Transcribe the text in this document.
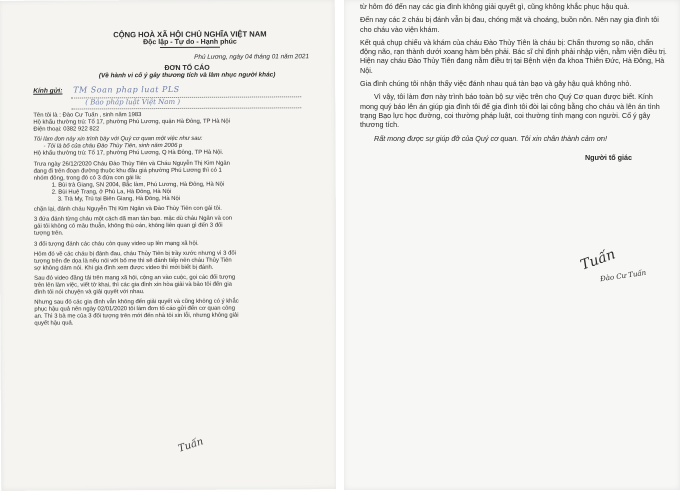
CỘNG HOÀ XÃ HỘI CHỦ NGHĨA VIỆT NAM
Độc lập - Tự do - Hạnh phúc
Phú Lương, ngày 04 tháng 01 năm 2021
ĐƠN TỐ CÁO
(Về hành vi cố ý gây thương tích và làm nhục người khác)
Kính gửi: TM Soan phap luat PLS
( Báo pháp luật Việt Nam )
Tên tôi là : Đào Cư Tuấn , sinh năm 1983
Hộ khẩu thường trú: Tổ 17, phường Phú Lương, quận Hà Đông, TP Hà Nội
Điện thoại: 0382 922 822
Tôi làm đơn này xin trình bày với Quý cơ quan một việc như sau:
- Tôi là bố của cháu Đào Thùy Tiên, sinh năm 2006 p
Hộ khẩu thường trú: Tổ 17, phường Phú Lương, Q Hà Đông, TP Hà Nội.
Trưa ngày 26/12/2020 Cháu Đào Thùy Tiên và Cháu Nguyễn Thị Kim Ngân
đang đi trên đoạn đường thuộc khu đầu giá phường Phú Lương thì có 1
nhóm đông, trong đó có 3 đứa con gái là:
1. Bùi trà Giang, SN 2004, Bắc làm, Phú Lương, Hà Đông, Hà Nội
2. Bùi Huệ Trang, ở Phú La, Hà Đông, Hà Nội
3. Trà My, Trú tại Biên Giang, Hà Đông, Hà Nội
chặn lại, đánh cháu Nguyễn Thị Kim Ngân và Đào Thùy Tiên con gái tôi.
3 đứa đánh từng cháu một cách dã man tàn bạo. mặc dù cháu Ngân và con
gái tôi không có mâu thuẫn, không thù oán, không liên quan gì đến 3 đối
tượng trên.
3 đối tượng đánh các cháu còn quay video up lên mạng xã hội.
Hôm đó về các cháu bị đánh đau, cháu Thủy Tiên bị trầy xước nhưng vì 3 đối
tượng trên đe dọa là nếu nói với bố mẹ thì sẽ đánh tiếp nên cháu Thủy Tiên
sợ không dám nói. Khi gia đình xem được video thì mới biết bị đánh.
Sau đó video đăng tải trên mạng xã hội, cộng an vào cuộc, gọi các đối tượng
trên lên làm việc, viết tờ khai, thì các gia đình xin hòa giải và bảo tôi đến gia
đình tôi nói chuyện và giải quyết với nhau.
Nhưng sau đó các gia đình vẫn không đến giải quyết và cũng không có ý khắc
phục hậu quả nên ngày 02/01/2020 tôi làm đơn tố cáo gửi đến cơ quan công
an. Thì 3 bà mẹ của 3 đối tượng trên mới đến nhà tôi xin lỗi, nhưng không giải
quyết hậu quả.
Tuấn

từ hôm đó đến nay các gia đình không giải quyết gì, cũng không khắc phục hậu quả.

Đến nay các 2 cháu bị đánh vẫn bị đau, chóng mặt và choáng, buồn nôn. Nên nay gia đình tôi cho cháu vào viện khám.

Kết quả chụp chiếu và khám của cháu Đào Thủy Tiên là cháu bị: Chấn thương sọ não, chấn động não, rạn thành dưới xoang hàm bên phải. Bác sĩ chỉ định phải nhập viện, nằm viện điều trị. Hiện nay cháu Đào Thủy Tiên đang nằm điều trị tại Bệnh viện đa khoa Thiên Đức, Hà Đông, Hà Nội.

Gia đình chúng tôi nhận thấy việc đánh nhau quá tàn bạo và gây hậu quả không nhỏ.

Vì vậy, tôi làm đơn này trình báo toàn bộ sự việc trên cho Quý Cơ quan được biết. Kính mong quý báo lên án giúp gia đình tôi để gia đình tôi đòi lại công bằng cho cháu và lên án tình trạng Bạo lực học đường, coi thường pháp luật, coi thường tính mạng con người. Cố ý gây thương tích.

Rất mong được sự giúp đỡ của Quý cơ quan. Tôi xin chân thành cảm ơn!

Người tố giác
Tuấn
Đào Cư Tuấn
